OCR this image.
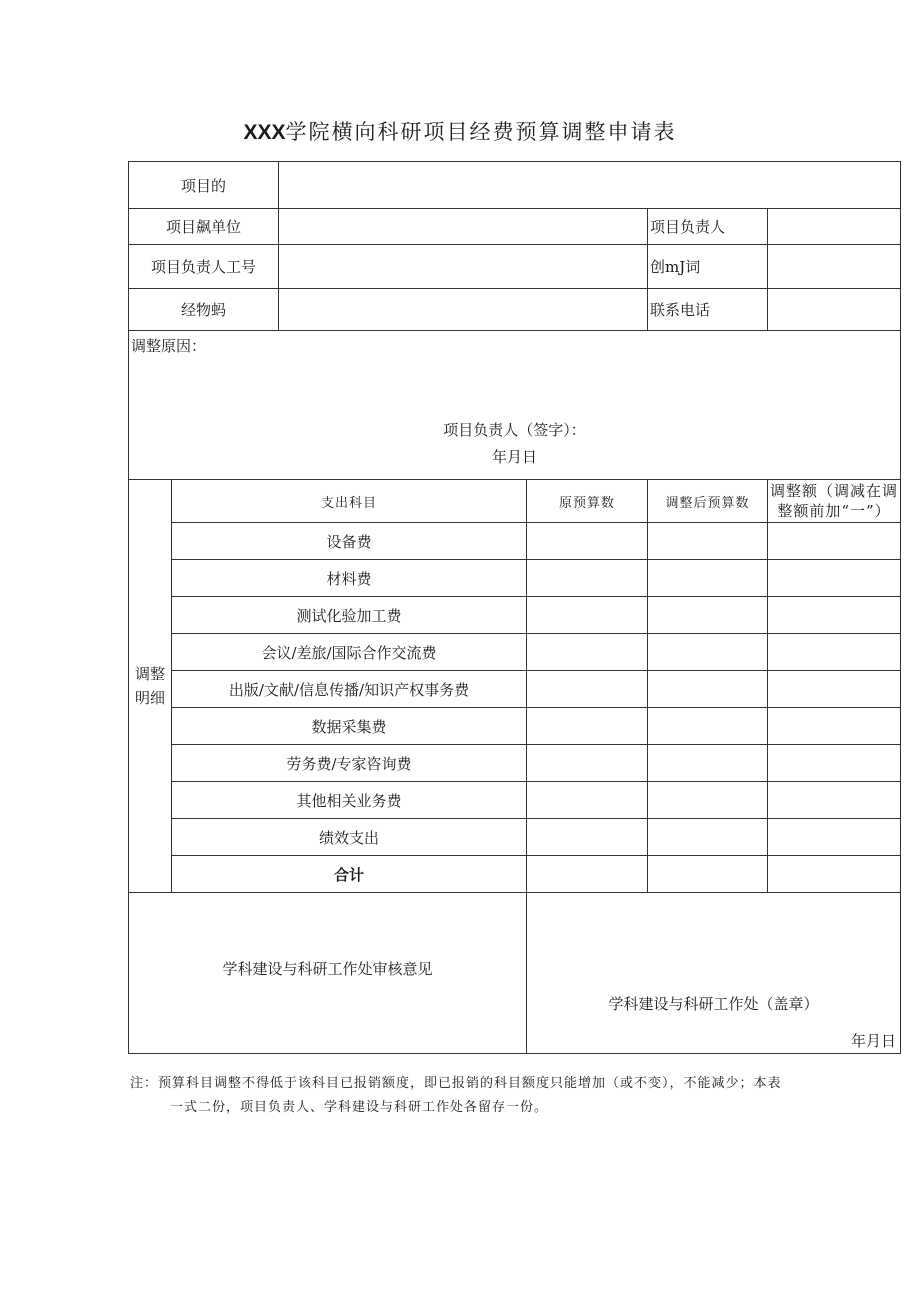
XXX学院横向科研项目经费预算调整申请表
项目的					
项目飙单位				项目负责人	
项目负责人工号				创mJ词	
经物蚂				联系电话	

调整原因：
项目负责人（签字）：
年月日					

调整
明细	支出科目		原预算数	调整后预算数	调整额（调减在调
整额前加“一”）
	设备费				
	材料费				
	测试化验加工费				
	会议/差旅/国际合作交流费				
	出版/文献/信息传播/知识产权事务费				
	数据采集费				
	劳务费/专家咨询费				
	其他相关业务费				
	绩效支出				
	合计				
学科建设与科研工作处审核意见			学科建设与科研工作处（盖章）
年月日		
注：预算科目调整不得低于该科目已报销额度，即已报销的科目额度只能增加（或不变），不能减少；本表
一式二份，项目负责人、学科建设与科研工作处各留存一份。
